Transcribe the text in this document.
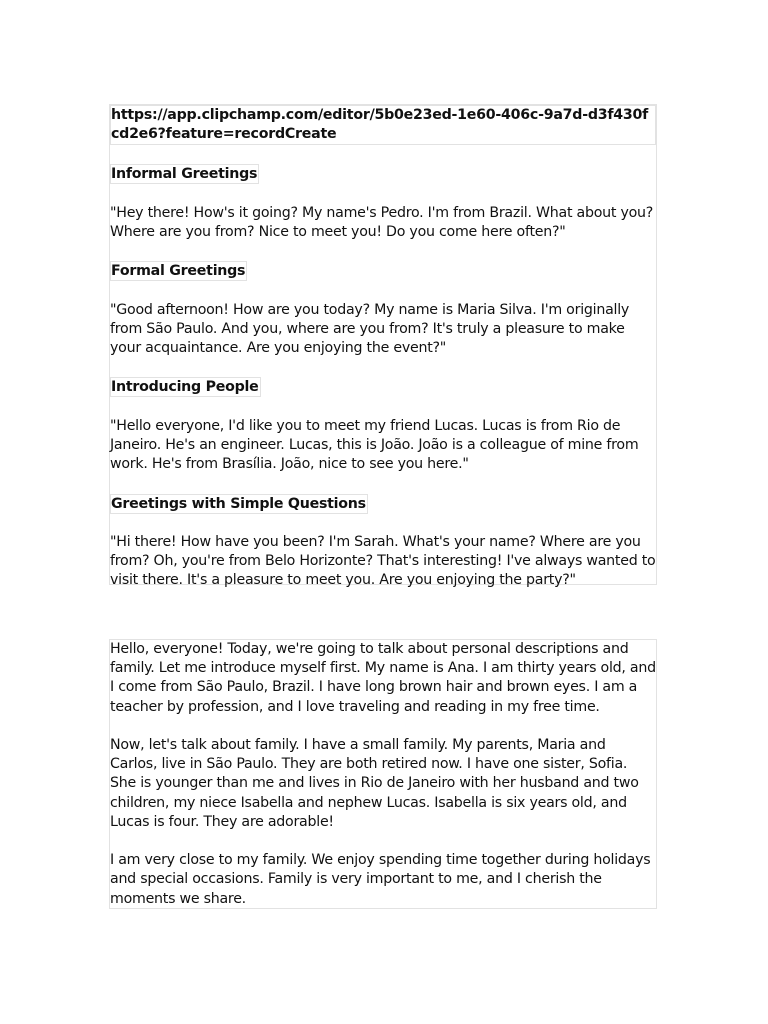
https://app.clipchamp.com/editor/5b0e23ed-1e60-406c-9a7d-d3f430fcd2e6?feature=recordCreate
Informal Greetings

"Hey there! How's it going? My name's Pedro. I'm from Brazil. What about you? Where are you from? Nice to meet you! Do you come here often?"

Formal Greetings

"Good afternoon! How are you today? My name is Maria Silva. I'm originally from São Paulo. And you, where are you from? It's truly a pleasure to make your acquaintance. Are you enjoying the event?"

Introducing People

"Hello everyone, I'd like you to meet my friend Lucas. Lucas is from Rio de Janeiro. He's an engineer. Lucas, this is João. João is a colleague of mine from work. He's from Brasília. João, nice to see you here."

Greetings with Simple Questions

"Hi there! How have you been? I'm Sarah. What's your name? Where are you from? Oh, you're from Belo Horizonte? That's interesting! I've always wanted to visit there. It's a pleasure to meet you. Are you enjoying the party?"

Hello, everyone! Today, we're going to talk about personal descriptions and family. Let me introduce myself first. My name is Ana. I am thirty years old, and I come from São Paulo, Brazil. I have long brown hair and brown eyes. I am a teacher by profession, and I love traveling and reading in my free time.

Now, let's talk about family. I have a small family. My parents, Maria and Carlos, live in São Paulo. They are both retired now. I have one sister, Sofia. She is younger than me and lives in Rio de Janeiro with her husband and two children, my niece Isabella and nephew Lucas. Isabella is six years old, and Lucas is four. They are adorable!

I am very close to my family. We enjoy spending time together during holidays and special occasions. Family is very important to me, and I cherish the moments we share.
